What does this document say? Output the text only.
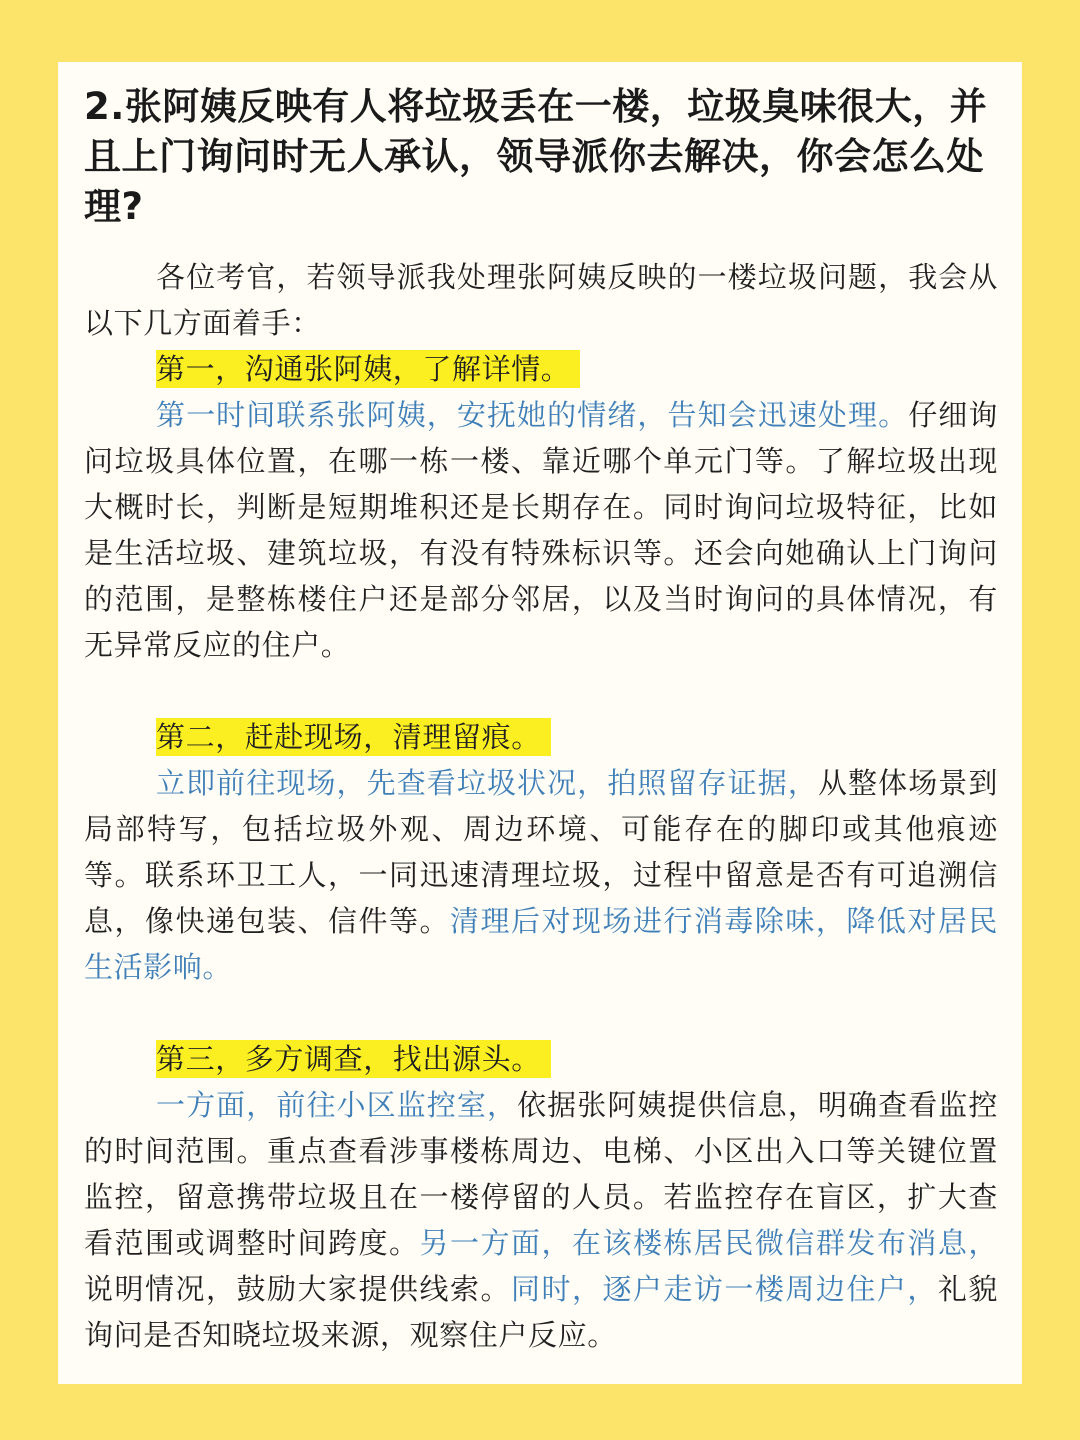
2.张阿姨反映有人将垃圾丢在一楼，垃圾臭味很大，并且上门询问时无人承认，领导派你去解决，你会怎么处理?

各位考官，若领导派我处理张阿姨反映的一楼垃圾问题，我会从以下几方面着手：

第一，沟通张阿姨，了解详情。

第一时间联系张阿姨，安抚她的情绪，告知会迅速处理。仔细询问垃圾具体位置，在哪一栋一楼、靠近哪个单元门等。了解垃圾出现大概时长，判断是短期堆积还是长期存在。同时询问垃圾特征，比如是生活垃圾、建筑垃圾，有没有特殊标识等。还会向她确认上门询问的范围，是整栋楼住户还是部分邻居，以及当时询问的具体情况，有无异常反应的住户。

第二，赶赴现场，清理留痕。

立即前往现场，先查看垃圾状况，拍照留存证据，从整体场景到局部特写，包括垃圾外观、周边环境、可能存在的脚印或其他痕迹等。联系环卫工人，一同迅速清理垃圾，过程中留意是否有可追溯信息，像快递包装、信件等。清理后对现场进行消毒除味，降低对居民生活影响。

第三，多方调查，找出源头。

一方面，前往小区监控室，依据张阿姨提供信息，明确查看监控的时间范围。重点查看涉事楼栋周边、电梯、小区出入口等关键位置监控，留意携带垃圾且在一楼停留的人员。若监控存在盲区，扩大查看范围或调整时间跨度。另一方面，在该楼栋居民微信群发布消息，说明情况，鼓励大家提供线索。同时，逐户走访一楼周边住户，礼貌询问是否知晓垃圾来源，观察住户反应。
